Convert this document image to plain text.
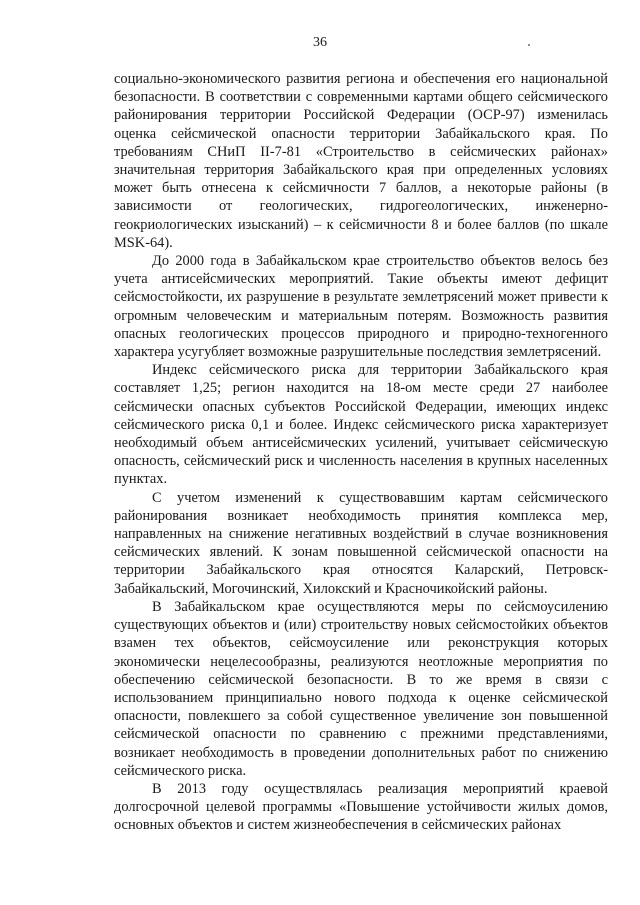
36

социально-экономического развития региона и обеспечения его национальной безопасности. В соответствии с современными картами общего сейсмического районирования территории Российской Федерации (ОСР-97) изменилась оценка сейсмической опасности территории Забайкальского края. По требованиям СНиП II-7-81 «Строительство в сейсмических районах» значительная территория Забайкальского края при определенных условиях может быть отнесена к сейсмичности 7 баллов, а некоторые районы (в зависимости от геологических, гидрогеологических, инженерно-геокриологических изысканий) – к сейсмичности 8 и более баллов (по шкале MSK-64).

До 2000 года в Забайкальском крае строительство объектов велось без учета антисейсмических мероприятий. Такие объекты имеют дефицит сейсмостойкости, их разрушение в результате землетрясений может привести к огромным человеческим и материальным потерям. Возможность развития опасных геологических процессов природного и природно-техногенного характера усугубляет возможные разрушительные последствия землетрясений.

Индекс сейсмического риска для территории Забайкальского края составляет 1,25; регион находится на 18-ом месте среди 27 наиболее сейсмически опасных субъектов Российской Федерации, имеющих индекс сейсмического риска 0,1 и более. Индекс сейсмического риска характеризует необходимый объем антисейсмических усилений, учитывает сейсмическую опасность, сейсмический риск и численность населения в крупных населенных пунктах.

С учетом изменений к существовавшим картам сейсмического районирования возникает необходимость принятия комплекса мер, направленных на снижение негативных воздействий в случае возникновения сейсмических явлений. К зонам повышенной сейсмической опасности на территории Забайкальского края относятся Каларский, Петровск-Забайкальский, Могочинский, Хилокский и Красночикойский районы.

В Забайкальском крае осуществляются меры по сейсмоусилению существующих объектов и (или) строительству новых сейсмостойких объектов взамен тех объектов, сейсмоусиление или реконструкция которых экономически нецелесообразны, реализуются неотложные мероприятия по обеспечению сейсмической безопасности. В то же время в связи с использованием принципиально нового подхода к оценке сейсмической опасности, повлекшего за собой существенное увеличение зон повышенной сейсмической опасности по сравнению с прежними представлениями, возникает необходимость в проведении дополнительных работ по снижению сейсмического риска.

В 2013 году осуществлялась реализация мероприятий краевой долгосрочной целевой программы «Повышение устойчивости жилых домов, основных объектов и систем жизнеобеспечения в сейсмических районах
